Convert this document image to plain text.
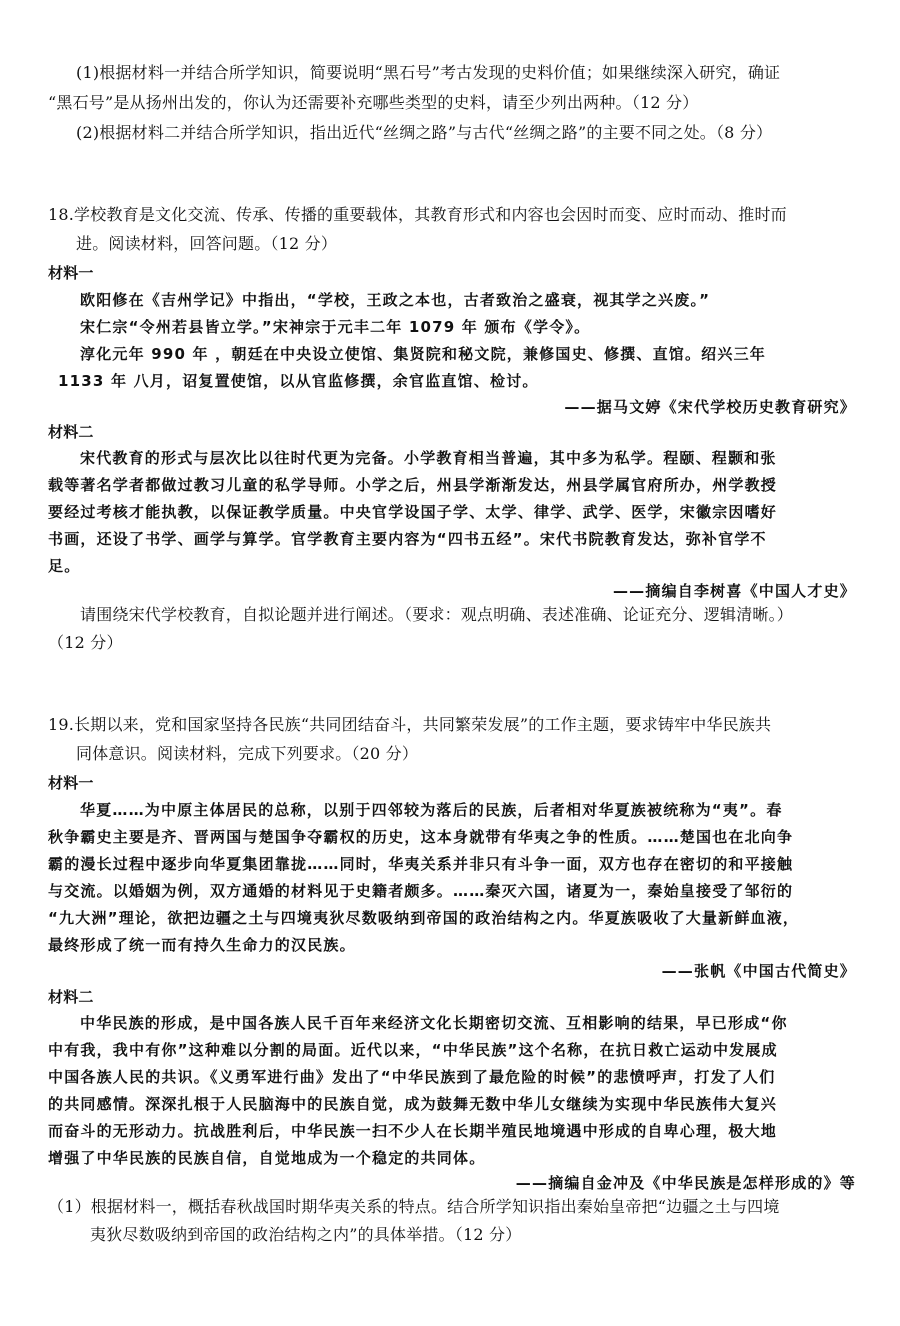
(1)根据材料一并结合所学知识，简要说明“黑石号”考古发现的史料价值；如果继续深入研究，确证
“黑石号”是从扬州出发的，你认为还需要补充哪些类型的史料，请至少列出两种。（12 分）
(2)根据材料二并结合所学知识，指出近代“丝绸之路”与古代“丝绸之路”的主要不同之处。（8 分）
18.学校教育是文化交流、传承、传播的重要载体，其教育形式和内容也会因时而变、应时而动、推时而
进。阅读材料，回答问题。（12 分）
材料一
欧阳修在《吉州学记》中指出，“学校，王政之本也，古者致治之盛衰，视其学之兴废。”
宋仁宗“令州若县皆立学。”宋神宗于元丰二年 1079 年 颁布《学令》。
淳化元年 990 年 ，朝廷在中央设立使馆、集贤院和秘文院，兼修国史、修撰、直馆。绍兴三年
1133 年 八月，诏复置使馆，以从官监修撰，余官监直馆、检讨。
——据马文婷《宋代学校历史教育研究》
材料二
宋代教育的形式与层次比以往时代更为完备。小学教育相当普遍，其中多为私学。程颐、程颢和张
载等著名学者都做过教习儿童的私学导师。小学之后，州县学渐渐发达，州县学属官府所办，州学教授
要经过考核才能执教，以保证教学质量。中央官学设国子学、太学、律学、武学、医学，宋徽宗因嗜好
书画，还设了书学、画学与算学。官学教育主要内容为“四书五经”。宋代书院教育发达，弥补官学不
足。
——摘编自李树喜《中国人才史》
请围绕宋代学校教育，自拟论题并进行阐述。（要求：观点明确、表述准确、论证充分、逻辑清晰。）
（12 分）
19.长期以来，党和国家坚持各民族“共同团结奋斗，共同繁荣发展”的工作主题，要求铸牢中华民族共
同体意识。阅读材料，完成下列要求。（20 分）
材料一
华夏……为中原主体居民的总称，以别于四邻较为落后的民族，后者相对华夏族被统称为“夷”。春
秋争霸史主要是齐、晋两国与楚国争夺霸权的历史，这本身就带有华夷之争的性质。……楚国也在北向争
霸的漫长过程中逐步向华夏集团靠拢……同时，华夷关系并非只有斗争一面，双方也存在密切的和平接触
与交流。以婚姻为例，双方通婚的材料见于史籍者颇多。……秦灭六国，诸夏为一，秦始皇接受了邹衍的
“九大洲”理论，欲把边疆之土与四境夷狄尽数吸纳到帝国的政治结构之内。华夏族吸收了大量新鲜血液，
最终形成了统一而有持久生命力的汉民族。
——张帆《中国古代简史》
材料二
中华民族的形成，是中国各族人民千百年来经济文化长期密切交流、互相影响的结果，早已形成“你
中有我，我中有你”这种难以分割的局面。近代以来，“中华民族”这个名称，在抗日救亡运动中发展成
中国各族人民的共识。《义勇军进行曲》发出了“中华民族到了最危险的时候”的悲愤呼声，打发了人们
的共同感情。深深扎根于人民脑海中的民族自觉，成为鼓舞无数中华儿女继续为实现中华民族伟大复兴
而奋斗的无形动力。抗战胜利后，中华民族一扫不少人在长期半殖民地境遇中形成的自卑心理，极大地
增强了中华民族的民族自信，自觉地成为一个稳定的共同体。
——摘编自金冲及《中华民族是怎样形成的》等
（1）根据材料一，概括春秋战国时期华夷关系的特点。结合所学知识指出秦始皇帝把“边疆之土与四境
夷狄尽数吸纳到帝国的政治结构之内”的具体举措。（12 分）
